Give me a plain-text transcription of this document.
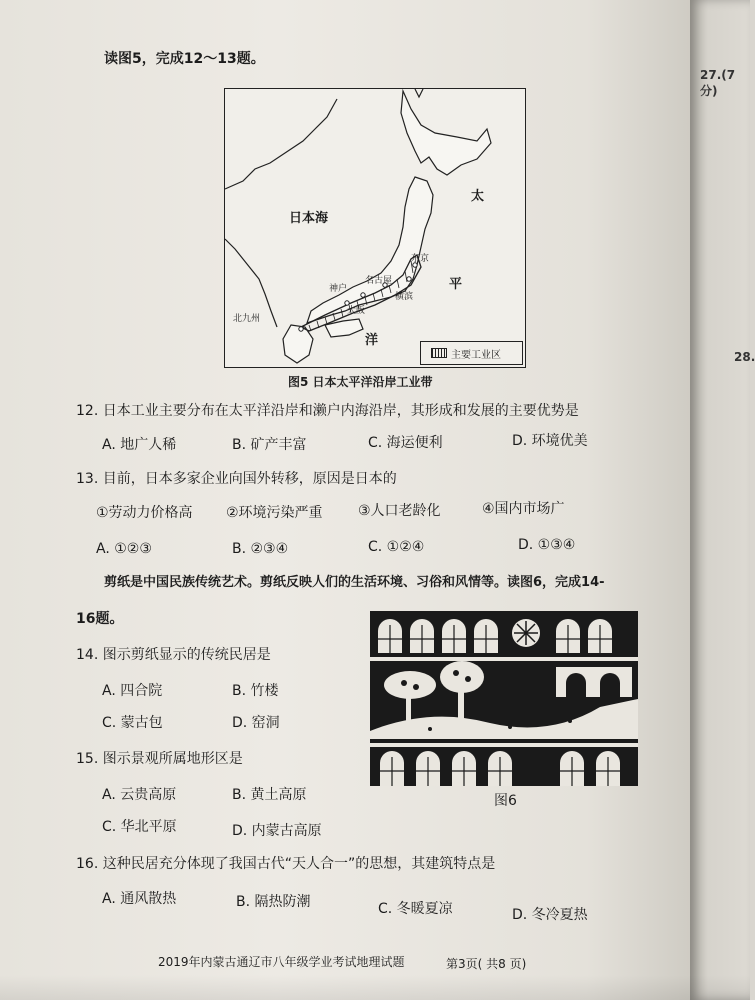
读图5，完成12～13题。
日本海
太
平
洋
东京
名古屋
横滨
神户
大阪
北九州
主要工业区
图5 日本太平洋沿岸工业带
12. 日本工业主要分布在太平洋沿岸和濑户内海沿岸，其形成和发展的主要优势是
A. 地广人稀	B. 矿产丰富	C. 海运便利	D. 环境优美
13. 目前，日本多家企业向国外转移，原因是日本的
①劳动力价格高 ②环境污染严重	③人口老龄化	④国内市场广
A. ①②③	B. ②③④	C. ①②④	D. ①③④
剪纸是中国民族传统艺术。剪纸反映人们的生活环境、习俗和风情等。读图6，完成14-
16题。
14. 图示剪纸显示的传统民居是
A. 四合院	B. 竹楼
C. 蒙古包	D. 窑洞
15. 图示景观所属地形区是
A. 云贵高原	B. 黄土高原
C. 华北平原	D. 内蒙古高原
图6
16. 这种民居充分体现了我国古代“天人合一”的思想，其建筑特点是
A. 通风散热	B. 隔热防潮	C. 冬暖夏凉	D. 冬冷夏热
2019年内蒙古通辽市八年级学业考试地理试题	第3页( 共8 页)
27.(7分)
28.
